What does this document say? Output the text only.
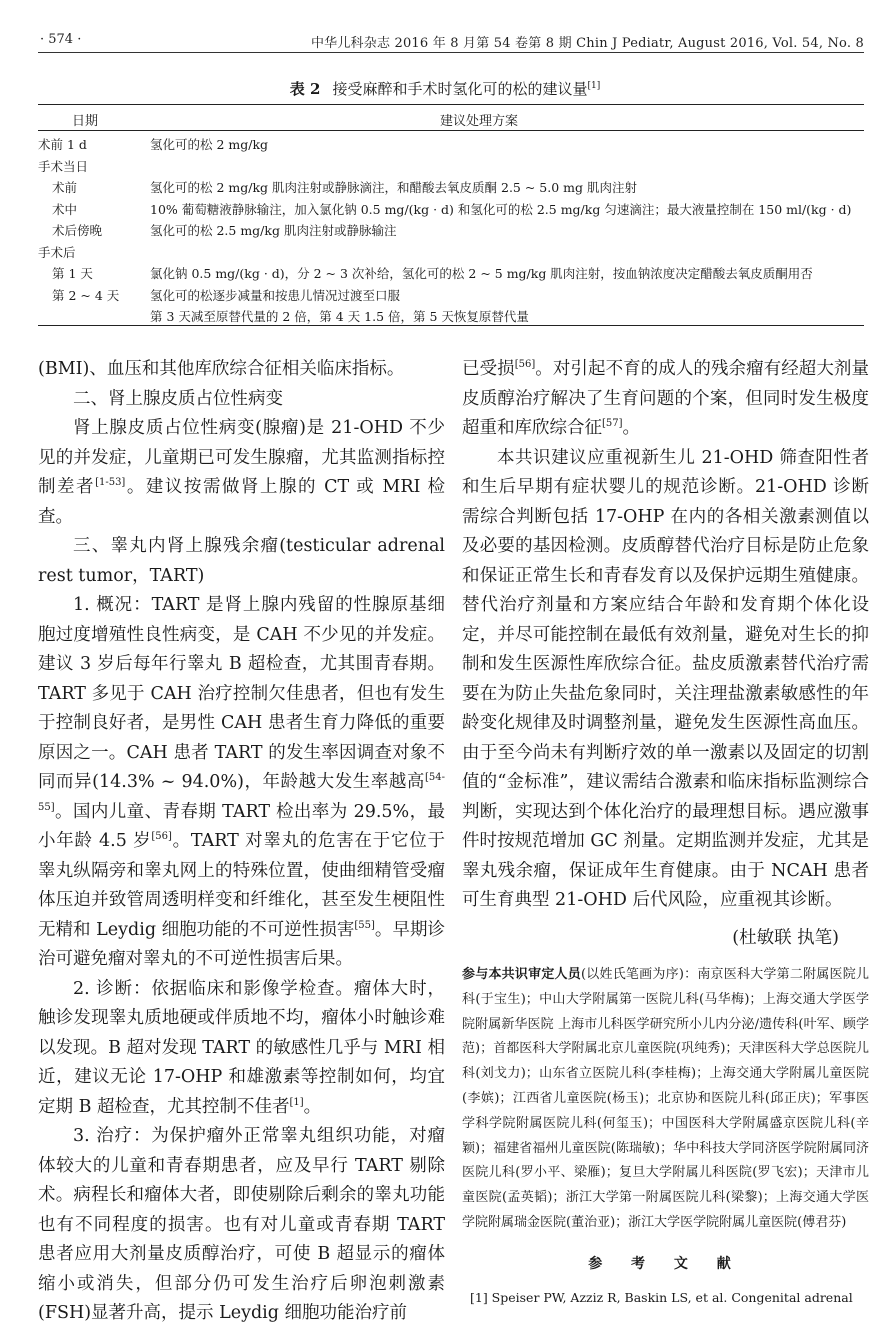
· 574 ·	中华儿科杂志 2016 年 8 月第 54 卷第 8 期 Chin J Pediatr, August 2016, Vol. 54, No. 8
表 2 接受麻醉和手术时氢化可的松的建议量[1]
日期	建议处理方案
术前 1 d	氢化可的松 2 mg/kg
手术当日
术前	氢化可的松 2 mg/kg 肌肉注射或静脉滴注，和醋酸去氧皮质酮 2.5 ~ 5.0 mg 肌肉注射
术中	10% 葡萄糖液静脉输注，加入氯化钠 0.5 mg/(kg · d) 和氢化可的松 2.5 mg/kg 匀速滴注；最大液量控制在 150 ml/(kg · d)
术后傍晚	氢化可的松 2.5 mg/kg 肌肉注射或静脉输注
手术后
第 1 天	氯化钠 0.5 mg/(kg · d)，分 2 ~ 3 次补给，氢化可的松 2 ~ 5 mg/kg 肌肉注射，按血钠浓度决定醋酸去氧皮质酮用否
第 2 ~ 4 天 氢化可的松逐步减量和按患儿情况过渡至口服
第 3 天减至原替代量的 2 倍，第 4 天 1.5 倍，第 5 天恢复原替代量

(BMI)、血压和其他库欣综合征相关临床指标。

二、肾上腺皮质占位性病变

肾上腺皮质占位性病变(腺瘤)是 21-OHD 不少见的并发症，儿童期已可发生腺瘤，尤其监测指标控制差者[1-53]。建议按需做肾上腺的 CT 或 MRI 检查。

三、睾丸内肾上腺残余瘤(testicular adrenal rest tumor，TART)

1. 概况：TART 是肾上腺内残留的性腺原基细胞过度增殖性良性病变，是 CAH 不少见的并发症。建议 3 岁后每年行睾丸 B 超检查，尤其围青春期。TART 多见于 CAH 治疗控制欠佳患者，但也有发生于控制良好者，是男性 CAH 患者生育力降低的重要原因之一。CAH 患者 TART 的发生率因调查对象不同而异(14.3% ~ 94.0%)，年龄越大发生率越高[54-55]。国内儿童、青春期 TART 检出率为 29.5%，最小年龄 4.5 岁[56]。TART 对睾丸的危害在于它位于睾丸纵隔旁和睾丸网上的特殊位置，使曲细精管受瘤体压迫并致管周透明样变和纤维化，甚至发生梗阻性无精和 Leydig 细胞功能的不可逆性损害[55]。早期诊治可避免瘤对睾丸的不可逆性损害后果。

2. 诊断：依据临床和影像学检查。瘤体大时，触诊发现睾丸质地硬或伴质地不均，瘤体小时触诊难以发现。B 超对发现 TART 的敏感性几乎与 MRI 相近，建议无论 17-OHP 和雄激素等控制如何，均宜定期 B 超检查，尤其控制不佳者[1]。

3. 治疗：为保护瘤外正常睾丸组织功能，对瘤体较大的儿童和青春期患者，应及早行 TART 剔除术。病程长和瘤体大者，即使剔除后剩余的睾丸功能也有不同程度的损害。也有对儿童或青春期 TART 患者应用大剂量皮质醇治疗，可使 B 超显示的瘤体缩小或消失，但部分仍可发生治疗后卵泡刺激素(FSH)显著升高，提示 Leydig 细胞功能治疗前

已受损[56]。对引起不育的成人的残余瘤有经超大剂量皮质醇治疗解决了生育问题的个案，但同时发生极度超重和库欣综合征[57]。

本共识建议应重视新生儿 21-OHD 筛查阳性者和生后早期有症状婴儿的规范诊断。21-OHD 诊断需综合判断包括 17-OHP 在内的各相关激素测值以及必要的基因检测。皮质醇替代治疗目标是防止危象和保证正常生长和青春发育以及保护远期生殖健康。替代治疗剂量和方案应结合年龄和发育期个体化设定，并尽可能控制在最低有效剂量，避免对生长的抑制和发生医源性库欣综合征。盐皮质激素替代治疗需要在为防止失盐危象同时，关注理盐激素敏感性的年龄变化规律及时调整剂量，避免发生医源性高血压。由于至今尚未有判断疗效的单一激素以及固定的切割值的“金标准”，建议需结合激素和临床指标监测综合判断，实现达到个体化治疗的最理想目标。遇应激事件时按规范增加 GC 剂量。定期监测并发症，尤其是睾丸残余瘤，保证成年生育健康。由于 NCAH 患者可生育典型 21-OHD 后代风险，应重视其诊断。

(杜敏联 执笔)

参与本共识审定人员(以姓氏笔画为序)：南京医科大学第二附属医院儿科(于宝生)；中山大学附属第一医院儿科(马华梅)；上海交通大学医学院附属新华医院 上海市儿科医学研究所小儿内分泌/遗传科(叶军、顾学范)；首都医科大学附属北京儿童医院(巩纯秀)；天津医科大学总医院儿科(刘戈力)；山东省立医院儿科(李桂梅)；上海交通大学附属儿童医院(李嫔)；江西省儿童医院(杨玉)；北京协和医院儿科(邱正庆)；军事医学科学院附属医院儿科(何玺玉)；中国医科大学附属盛京医院儿科(辛颖)；福建省福州儿童医院(陈瑞敏)；华中科技大学同济医学院附属同济医院儿科(罗小平、梁雁)；复旦大学附属儿科医院(罗飞宏)；天津市儿童医院(孟英韬)；浙江大学第一附属医院儿科(梁黎)；上海交通大学医学院附属瑞金医院(董治亚)；浙江大学医学院附属儿童医院(傅君芬)
参 考 文 献
[1] Speiser PW, Azziz R, Baskin LS, et al. Congenital adrenal
